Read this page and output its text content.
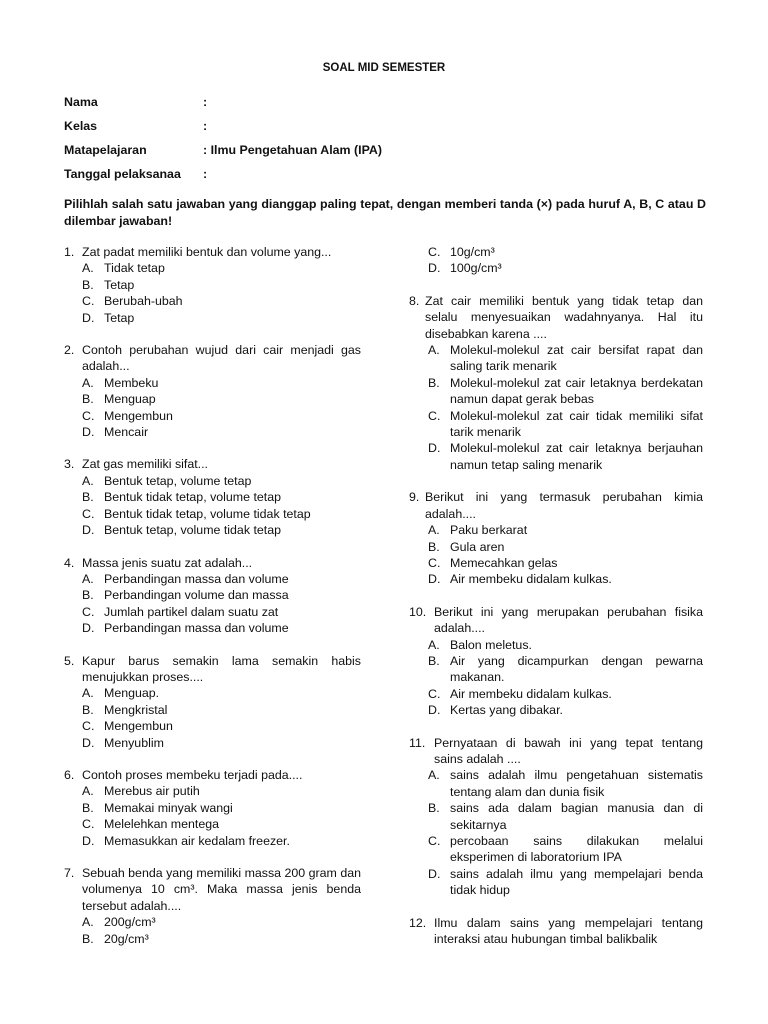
SOAL MID SEMESTER
Nama	:
Kelas	:
Matapelajaran	: Ilmu Pengetahuan Alam (IPA)
Tanggal pelaksanaa :
Pilihlah salah satu jawaban yang dianggap paling tepat, dengan memberi tanda (×) pada huruf A, B, C atau D dilembar jawaban!
1. Zat padat memiliki bentuk dan volume yang...
A. Tidak tetap
B. Tetap
C. Berubah-ubah
D. Tetap
2. Contoh perubahan wujud dari cair menjadi gas adalah...
A. Membeku
B. Menguap
C. Mengembun
D. Mencair
3. Zat gas memiliki sifat...
A. Bentuk tetap, volume tetap
B. Bentuk tidak tetap, volume tetap
C. Bentuk tidak tetap, volume tidak tetap
D. Bentuk tetap, volume tidak tetap
4. Massa jenis suatu zat adalah...
A. Perbandingan massa dan volume
B. Perbandingan volume dan massa
C. Jumlah partikel dalam suatu zat
D. Perbandingan massa dan volume
5. Kapur barus semakin lama semakin habis menujukkan proses....
A. Menguap.
B. Mengkristal
C. Mengembun
D. Menyublim
6. Contoh proses membeku terjadi pada....
A. Merebus air putih
B. Memakai minyak wangi
C. Melelehkan mentega
D. Memasukkan air kedalam freezer.
7. Sebuah benda yang memiliki massa 200 gram dan volumenya 10 cm³. Maka massa jenis benda tersebut adalah....
A. 200g/cm³
B. 20g/cm³
C. 10g/cm³
D. 100g/cm³
8. Zat cair memiliki bentuk yang tidak tetap dan selalu menyesuaikan wadahnyanya. Hal itu disebabkan karena ....
A. Molekul-molekul zat cair bersifat rapat dan saling tarik menarik
B. Molekul-molekul zat cair letaknya berdekatan namun dapat gerak bebas
C. Molekul-molekul zat cair tidak memiliki sifat tarik menarik
D. Molekul-molekul zat cair letaknya berjauhan namun tetap saling menarik
9. Berikut ini yang termasuk perubahan kimia adalah....
A. Paku berkarat
B. Gula aren
C. Memecahkan gelas
D. Air membeku didalam kulkas.
10. Berikut ini yang merupakan perubahan fisika adalah....
A. Balon meletus.
B. Air yang dicampurkan dengan pewarna makanan.
C. Air membeku didalam kulkas.
D. Kertas yang dibakar.
11. Pernyataan di bawah ini yang tepat tentang sains adalah ....
A. sains adalah ilmu pengetahuan sistematis tentang alam dan dunia fisik
B. sains ada dalam bagian manusia dan di sekitarnya
C. percobaan sains dilakukan melalui eksperimen di laboratorium IPA
D. sains adalah ilmu yang mempelajari benda tidak hidup
12. Ilmu dalam sains yang mempelajari tentang interaksi atau hubungan timbal balikbalik
